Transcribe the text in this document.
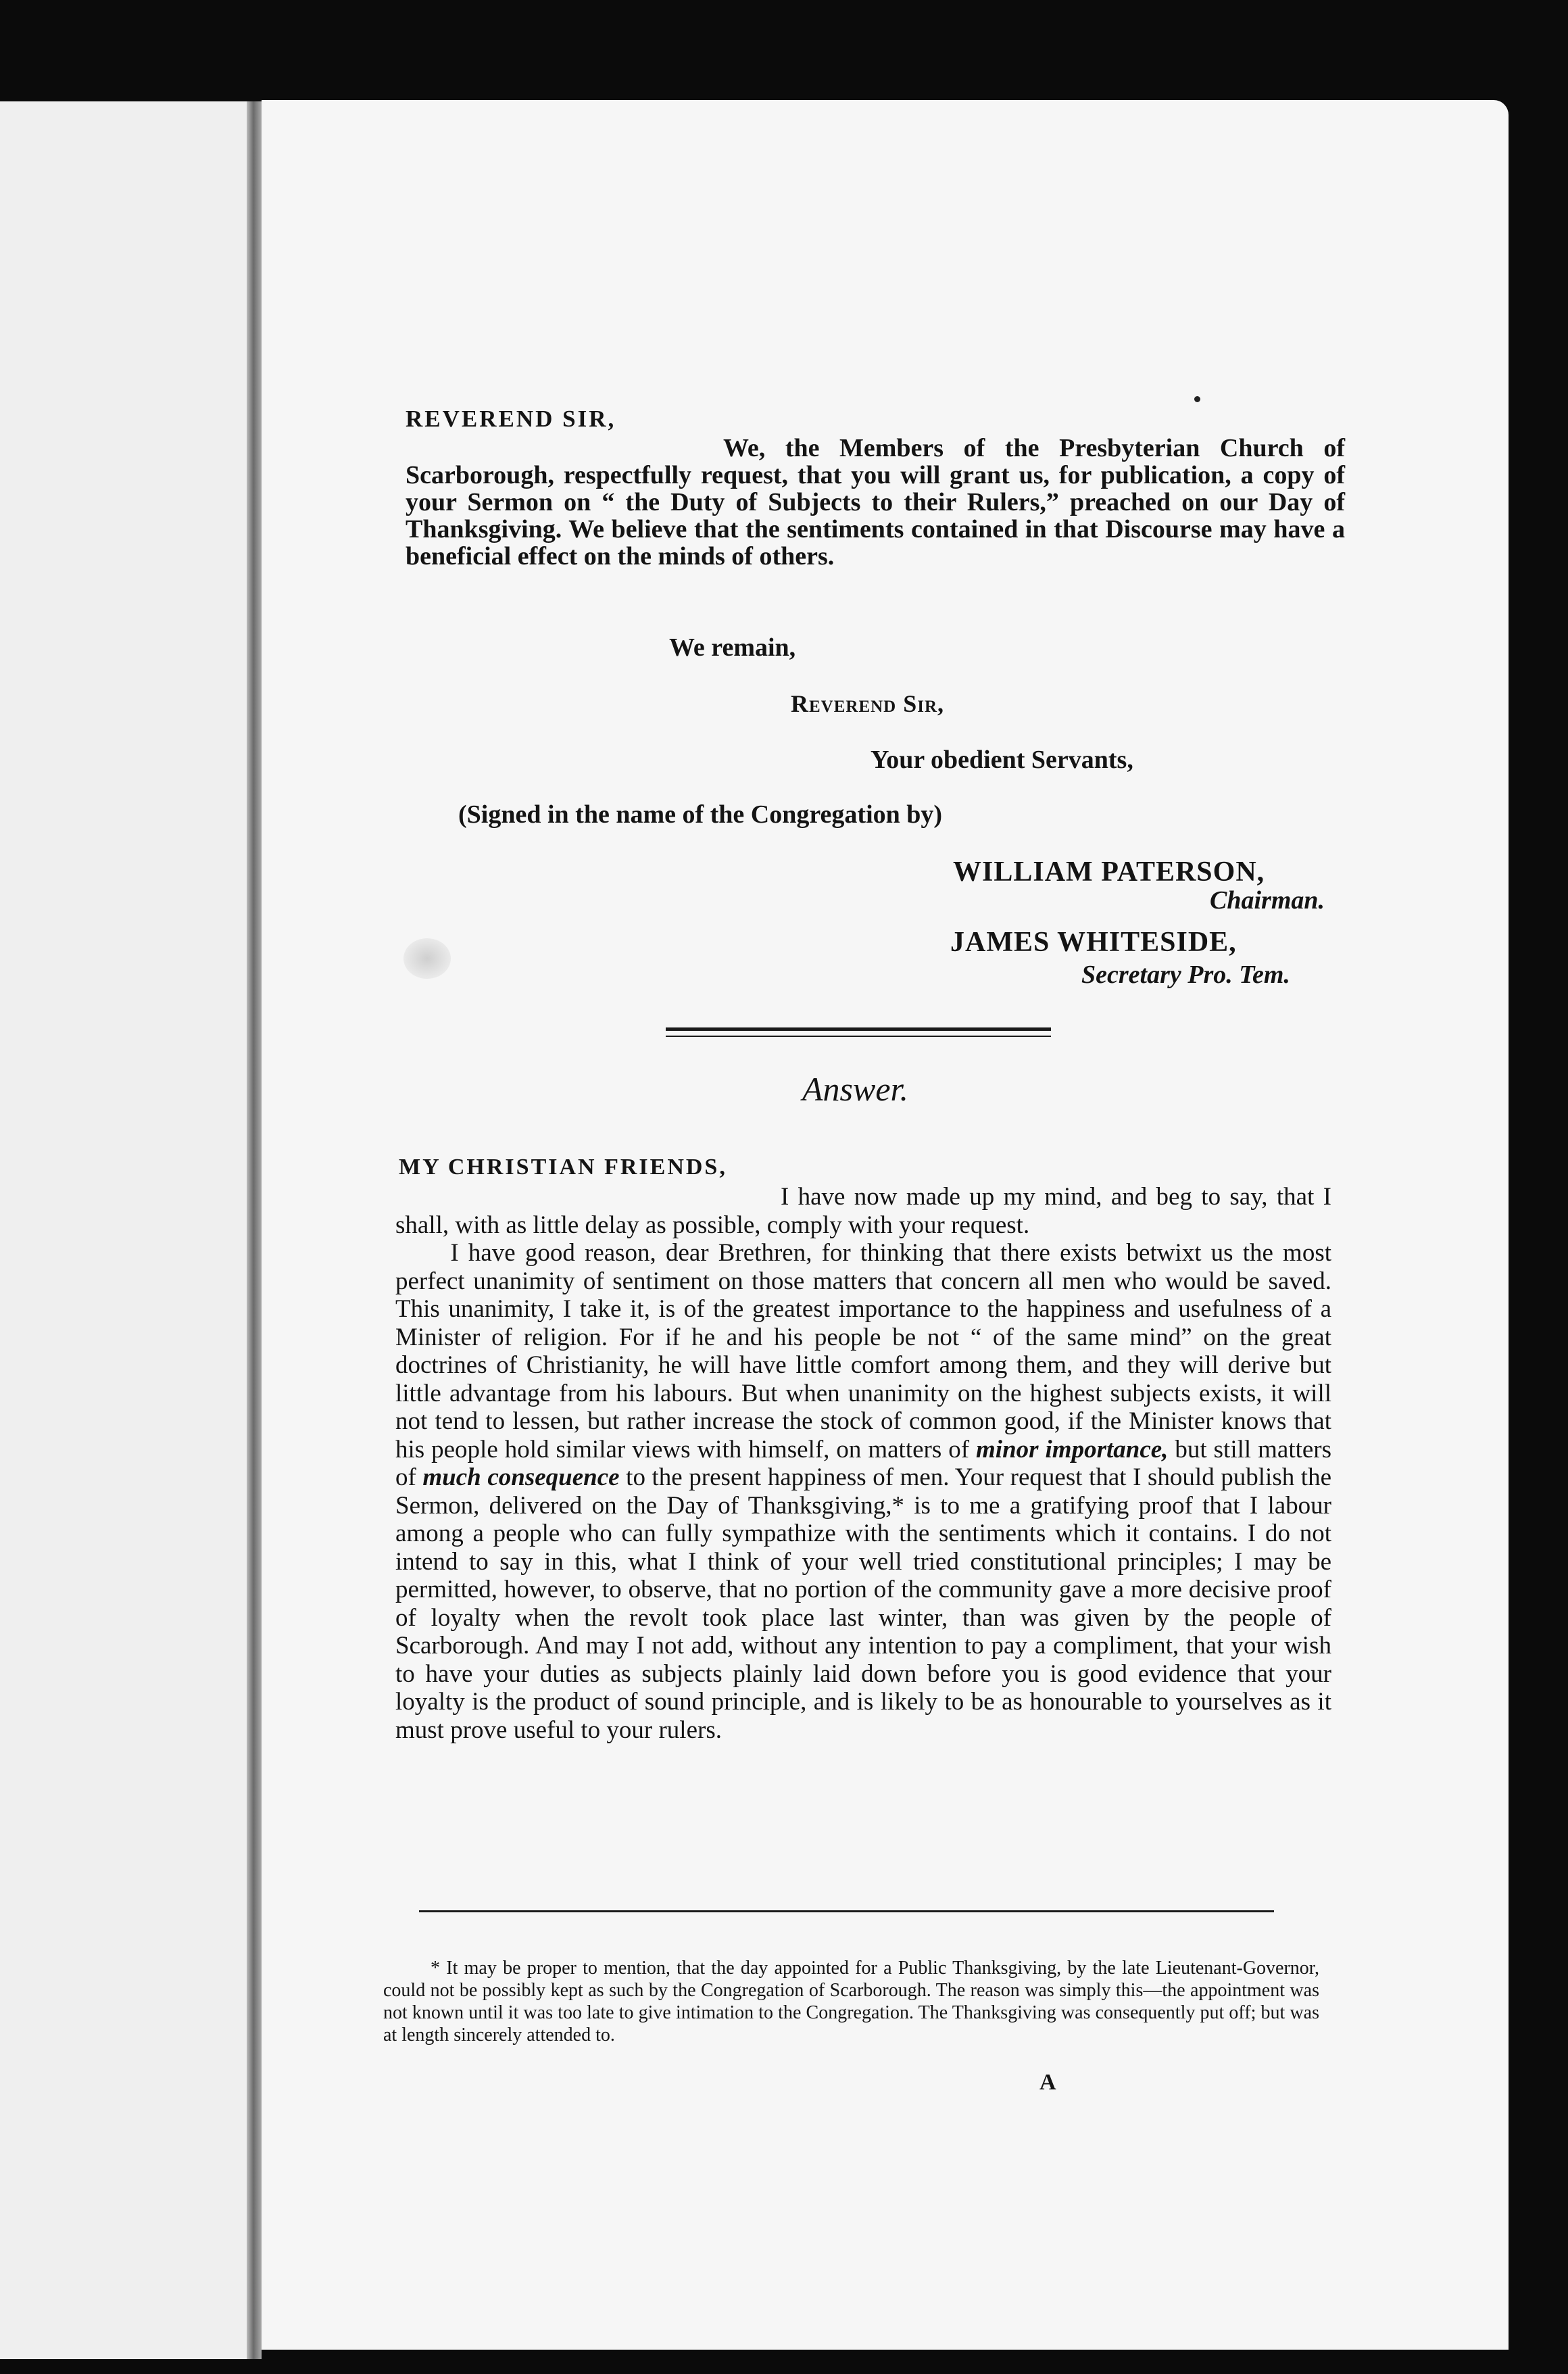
REVEREND SIR,
We, the Members of the Presbyterian Church of Scarborough, respectfully request, that you will grant us, for publication, a copy of your Sermon on “ the Duty of Subjects to their Rulers,” preached on our Day of Thanksgiving. We believe that the sentiments contained in that Discourse may have a beneficial effect on the minds of others.
We remain,
Reverend Sir,
Your obedient Servants,
(Signed in the name of the Congregation by)
WILLIAM PATERSON,
Chairman.
JAMES WHITESIDE,
Secretary Pro. Tem.
Answer.
MY CHRISTIAN FRIENDS,

I have now made up my mind, and beg to say, that I shall, with as little delay as possible, comply with your request.

I have good reason, dear Brethren, for thinking that there exists betwixt us the most perfect unanimity of sentiment on those matters that concern all men who would be saved. This unanimity, I take it, is of the greatest importance to the happiness and usefulness of a Minister of religion. For if he and his people be not “ of the same mind” on the great doctrines of Christianity, he will have little comfort among them, and they will derive but little advantage from his labours. But when unanimity on the highest subjects exists, it will not tend to lessen, but rather increase the stock of common good, if the Minister knows that his people hold similar views with himself, on matters of minor importance, but still matters of much consequence to the present happiness of men. Your request that I should publish the Sermon, delivered on the Day of Thanksgiving,* is to me a gratifying proof that I labour among a people who can fully sympathize with the sentiments which it contains. I do not intend to say in this, what I think of your well tried constitutional principles; I may be permitted, however, to observe, that no portion of the community gave a more decisive proof of loyalty when the revolt took place last winter, than was given by the people of Scarborough. And may I not add, without any intention to pay a compliment, that your wish to have your duties as subjects plainly laid down before you is good evidence that your loyalty is the product of sound principle, and is likely to be as honourable to yourselves as it must prove useful to your rulers.

* It may be proper to mention, that the day appointed for a Public Thanksgiving, by the late Lieutenant-Governor, could not be possibly kept as such by the Congregation of Scarborough. The reason was simply this—the appointment was not known until it was too late to give intimation to the Congregation. The Thanksgiving was consequently put off; but was at length sincerely attended to.
A
